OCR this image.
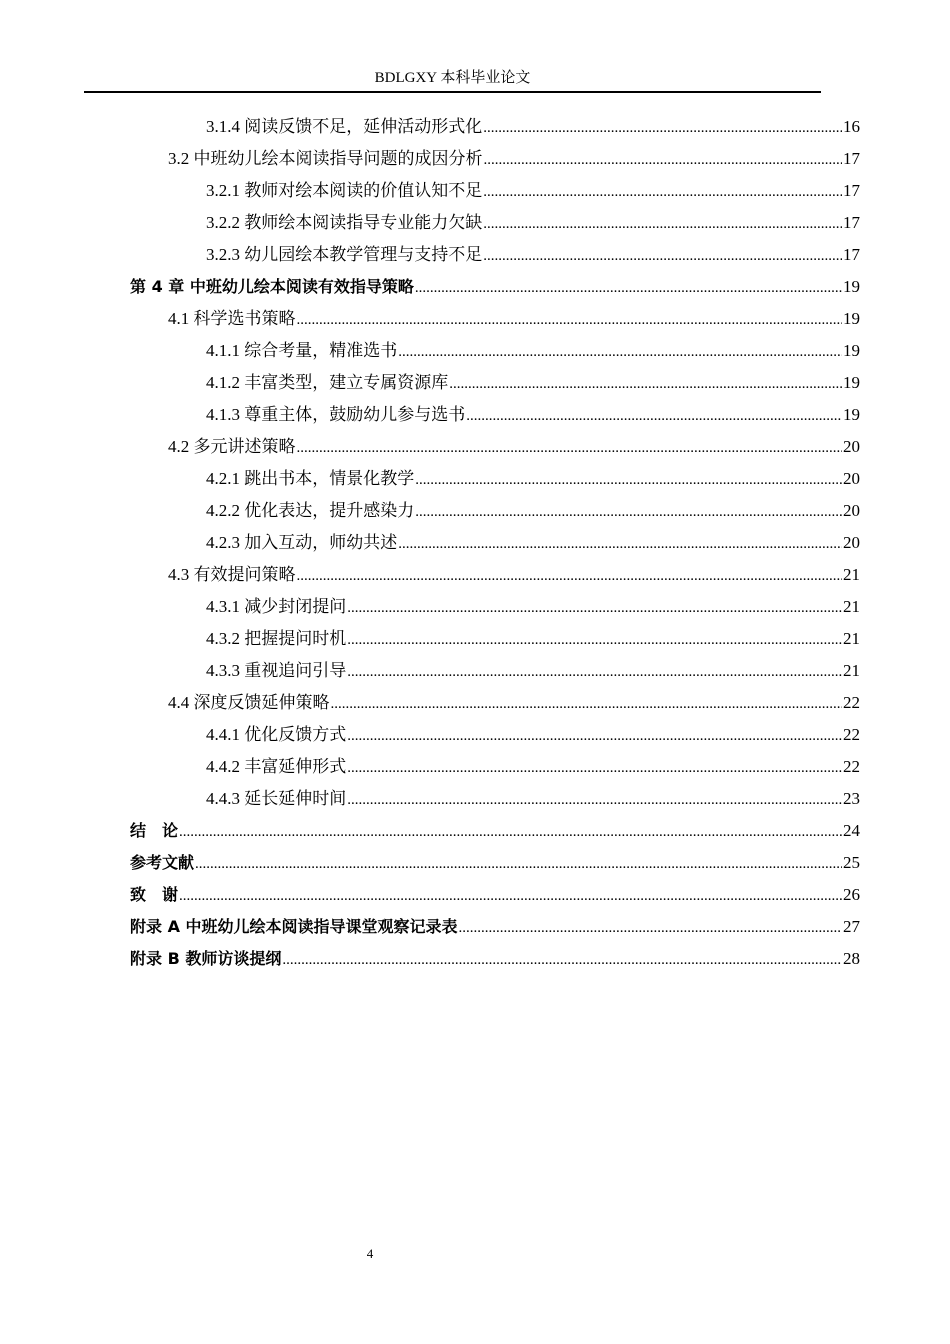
BDLGXY 本科毕业论文
3.1.4 阅读反馈不足，延伸活动形式化 .....	16
3.2 中班幼儿绘本阅读指导问题的成因分析 .....	17
3.2.1 教师对绘本阅读的价值认知不足 .....	17
3.2.2 教师绘本阅读指导专业能力欠缺 .....	17
3.2.3 幼儿园绘本教学管理与支持不足 .....	17
第 4 章 中班幼儿绘本阅读有效指导策略 .....	19
4.1 科学选书策略 .....	19
4.1.1 综合考量，精准选书 .....	19
4.1.2 丰富类型，建立专属资源库 .....	19
4.1.3 尊重主体，鼓励幼儿参与选书 .....	19
4.2 多元讲述策略 .....	20
4.2.1 跳出书本，情景化教学 .....	20
4.2.2 优化表达，提升感染力 .....	20
4.2.3 加入互动，师幼共述 .....	20
4.3 有效提问策略 .....	21
4.3.1 减少封闭提问 .....	21
4.3.2 把握提问时机 .....	21
4.3.3 重视追问引导 .....	21
4.4 深度反馈延伸策略 .....	22
4.4.1 优化反馈方式 .....	22
4.4.2 丰富延伸形式 .....	22
4.4.3 延长延伸时间 .....	23
结　论 .....	24
参考文献 .....	25
致　谢 .....	26
附录 A 中班幼儿绘本阅读指导课堂观察记录表 .....	27
附录 B 教师访谈提纲 .....	28
4
